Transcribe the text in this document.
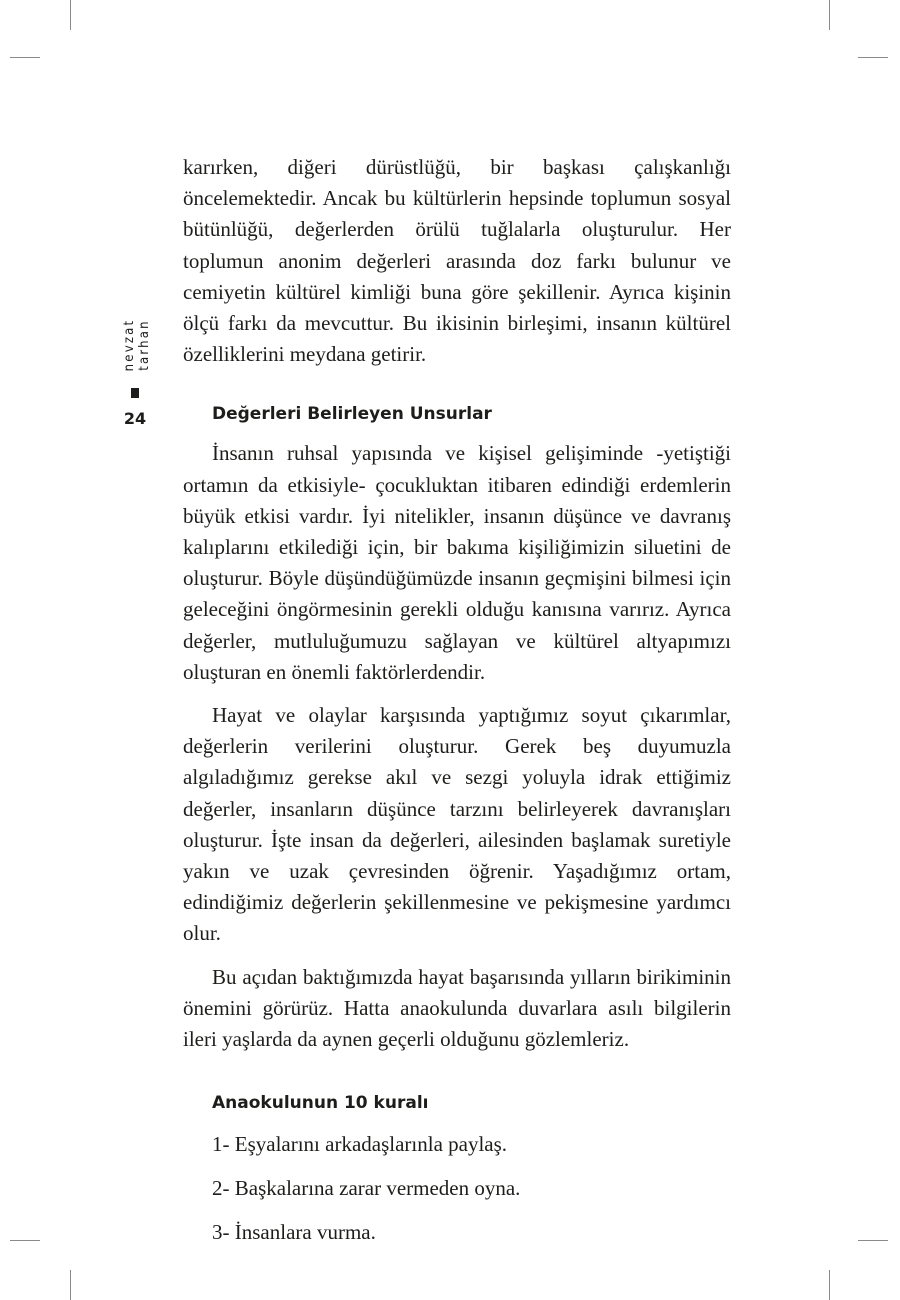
nevzat tarhan
24

karırken, diğeri dürüstlüğü, bir başkası çalışkanlığı öncelemektedir. Ancak bu kültürlerin hepsinde toplumun sosyal bütünlüğü, değerlerden örülü tuğlalarla oluşturulur. Her toplumun anonim değerleri arasında doz farkı bulunur ve cemiyetin kültürel kimliği buna göre şekillenir. Ayrıca kişinin ölçü farkı da mevcuttur. Bu ikisinin birleşimi, insanın kültürel özelliklerini meydana getirir.

Değerleri Belirleyen Unsurlar

İnsanın ruhsal yapısında ve kişisel gelişiminde -yetiştiği ortamın da etkisiyle- çocukluktan itibaren edindiği erdemlerin büyük etkisi vardır. İyi nitelikler, insanın düşünce ve davranış kalıplarını etkilediği için, bir bakıma kişiliğimizin siluetini de oluşturur. Böyle düşündüğümüzde insanın geçmişini bilmesi için geleceğini öngörmesinin gerekli olduğu kanısına varırız. Ayrıca değerler, mutluluğumuzu sağlayan ve kültürel altyapımızı oluşturan en önemli faktörlerdendir.

Hayat ve olaylar karşısında yaptığımız soyut çıkarımlar, değerlerin verilerini oluşturur. Gerek beş duyumuzla algıladığımız gerekse akıl ve sezgi yoluyla idrak ettiğimiz değerler, insanların düşünce tarzını belirleyerek davranışları oluşturur. İşte insan da değerleri, ailesinden başlamak suretiyle yakın ve uzak çevresinden öğrenir. Yaşadığımız ortam, edindiğimiz değerlerin şekillenmesine ve pekişmesine yardımcı olur.

Bu açıdan baktığımızda hayat başarısında yılların birikiminin önemini görürüz. Hatta anaokulunda duvarlara asılı bilgilerin ileri yaşlarda da aynen geçerli olduğunu gözlemleriz.

Anaokulunun 10 kuralı
1- Eşyalarını arkadaşlarınla paylaş.
2- Başkalarına zarar vermeden oyna.
3- İnsanlara vurma.
